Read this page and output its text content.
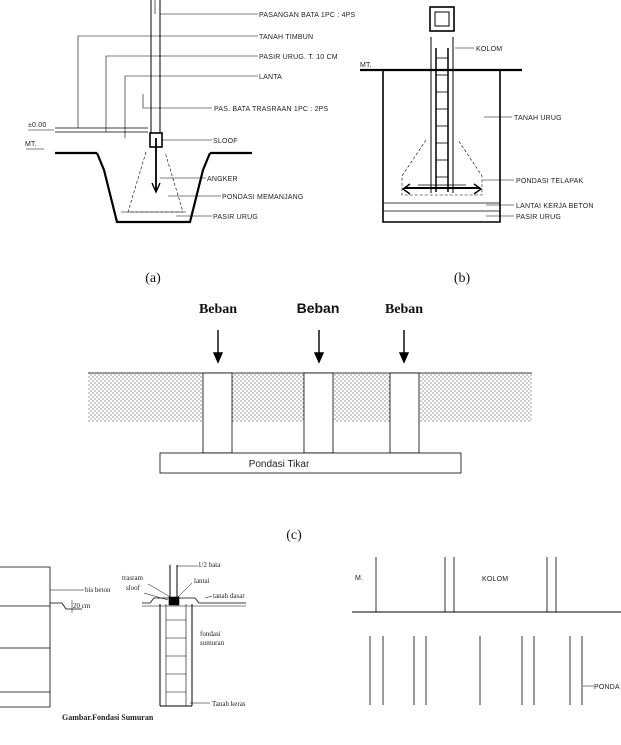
PASANGAN BATA 1PC : 4PS
TANAH TIMBUN
PASIR URUG. T. 10 CM
LANTA
PAS. BATA TRASRAAN 1PC : 2PS
±0.00
MT.	SLOOF
ANGKER
PONDASI MEMANJANG
PASIR URUG
(a)
KOLOM
MT.
TANAH URUG
PONDASI TELAPAK
LANTAI KERJA BETON
PASIR URUG
(b)
Beban	Beban	Beban
Pondasi Tikar
(c)
bis beton
20 cm
1/2 bata
trasram	lantai
sloof
tanah dasar
fondasi
sumuran
Tanah keras
Gambar.Fondasi Sumuran
M.	KOLOM
PONDA
